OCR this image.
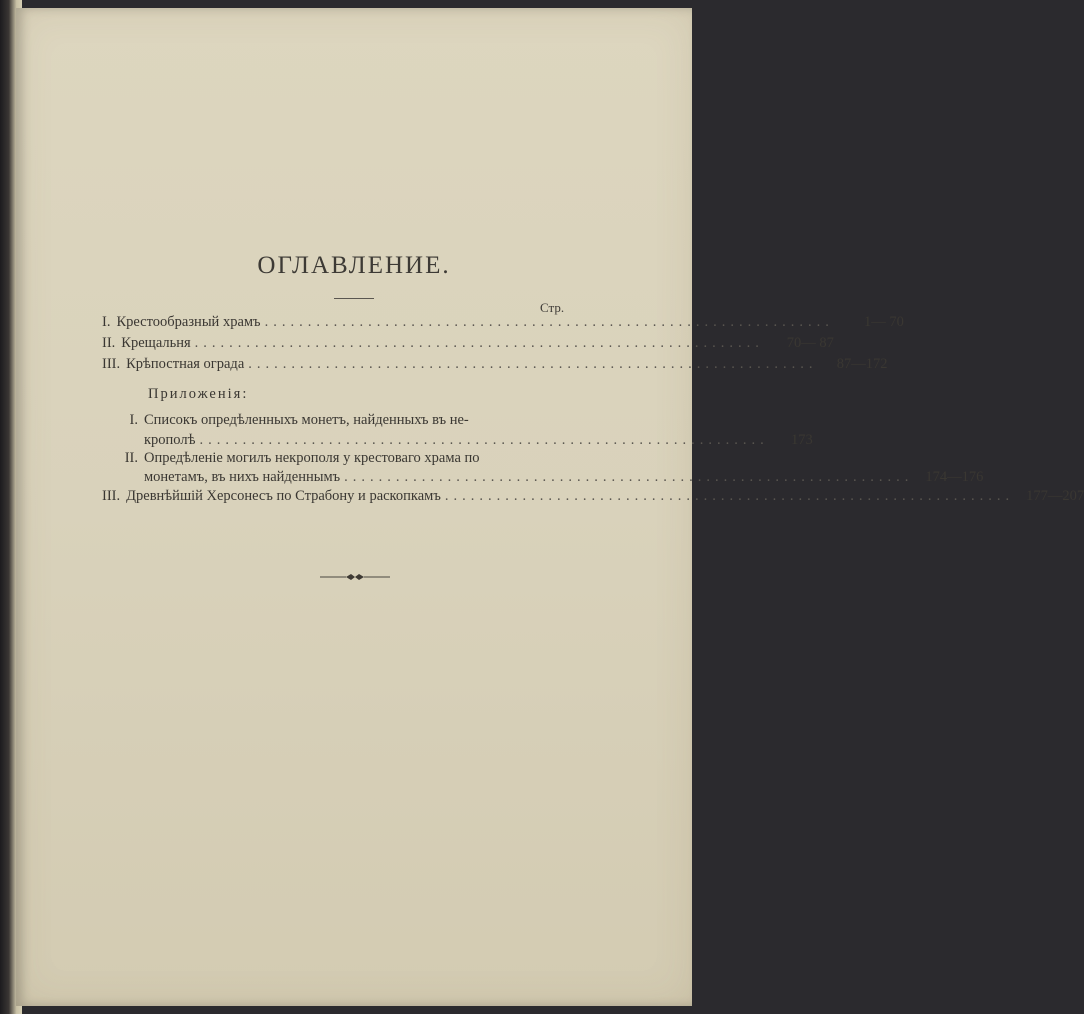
ОГЛАВЛЕНИЕ.
Стр.
I. Крестообразный храмъ ..................................................................	1— 70
II. Крещальня ..................................................................	70— 87
III. Крѣпостная ограда ..................................................................	87—172
Приложенія:
I. Списокъ опредѣленныхъ монетъ, найденныхъ въ не-
крополѣ ..................................................................	173
II. Опредѣленіе могилъ некрополя у крестоваго храма по
монетамъ, въ нихъ найденнымъ .................................................................. 174—176
III. Древнѣйшій Херсонесъ по Страбону и раскопкамъ .................................................................. 177—207
